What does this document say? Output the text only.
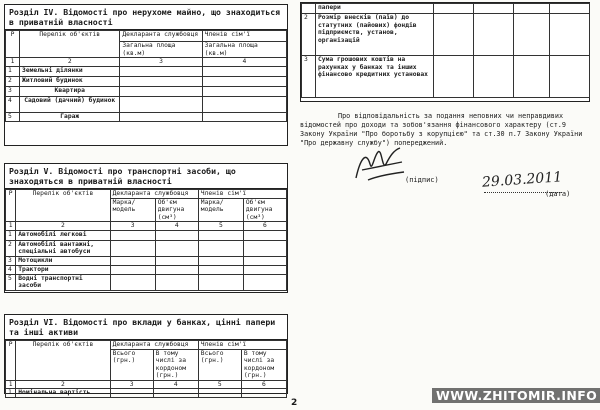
Розділ IV. Відомості про нерухоме майно, що знаходиться в приватній власності
Р	Перелік об'єктів	Декларанта службовця	Членів сім'ї
		Загальна площа (кв.м)	Загальна площа (кв.м)
1	2	3	4
1	Земельні ділянки		
2	Житловий будинок		
3	Квартира		
4	Садовий (дачний) будинок		
5	Гараж		
Розділ V. Відомості про транспортні засоби, що знаходяться в приватній власності
Р	Перелік об'єктів	Декларанта службовця		Членів сім'ї	
		Марка/модель	Об'єм двигуна (см³)	Марка/модель	Об'єм двигуна (см³)
1	2	3	4	5	6
1	Автомобілі легкові				
2	Автомобілі вантажні, спеціальні автобуси				
3	Мотоцикли				
4	Трактори				
5	Водні транспортні засоби				
Розділ VI. Відомості про вклади у банках, цінні папери та інші активи
Р	Перелік об'єктів	Декларанта службовця		Членів сім'ї	
		Всього (грн.)	В тому числі за кордоном (грн.)	Всього (грн.)	В тому числі за кордоном (грн.)
1	2	3	4	5	6
1	Номінальна вартість				
	папери				
2	Розмір внесків (паїв) до статутних (пайових) фондів підприємств, установ, організацій				
3	Сума грошових коштів на рахунках у банках та інших фінансово кредитних установах				
Про відповідальність за подання неповних чи неправдивих відомостей про доходи та зобов'язання фінансового характеру (ст.9 Закону України "Про боротьбу з корупцією" та ст.30 п.7 Закону України "Про державну службу") попереджений.
(підпис)	29.03.2011
(дата)
WWW.ZHITOMIR.INFO
2
